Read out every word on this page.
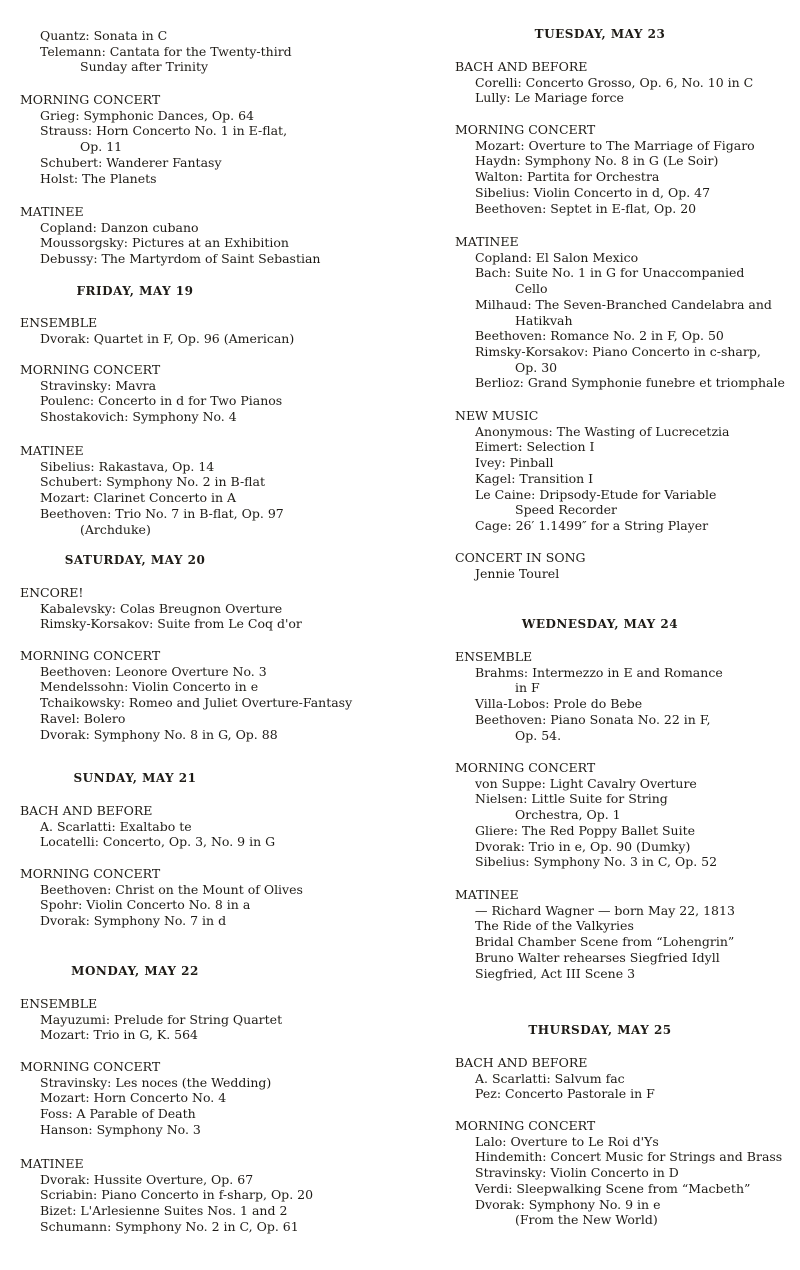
Quantz: Sonata in C
Telemann: Cantata for the Twenty-third
Sunday after Trinity
MORNING CONCERT
Grieg: Symphonic Dances, Op. 64
Strauss: Horn Concerto No. 1 in E-flat,
Op. 11
Schubert: Wanderer Fantasy
Holst: The Planets
MATINEE
Copland: Danzon cubano
Moussorgsky: Pictures at an Exhibition
Debussy: The Martyrdom of Saint Sebastian
FRIDAY, MAY 19
ENSEMBLE
Dvorak: Quartet in F, Op. 96 (American)
MORNING CONCERT
Stravinsky: Mavra
Poulenc: Concerto in d for Two Pianos
Shostakovich: Symphony No. 4
MATINEE
Sibelius: Rakastava, Op. 14
Schubert: Symphony No. 2 in B-flat
Mozart: Clarinet Concerto in A
Beethoven: Trio No. 7 in B-flat, Op. 97
(Archduke)
SATURDAY, MAY 20
ENCORE!
Kabalevsky: Colas Breugnon Overture
Rimsky-Korsakov: Suite from Le Coq d'or
MORNING CONCERT
Beethoven: Leonore Overture No. 3
Mendelssohn: Violin Concerto in e
Tchaikowsky: Romeo and Juliet Overture-Fantasy
Ravel: Bolero
Dvorak: Symphony No. 8 in G, Op. 88
SUNDAY, MAY 21
BACH AND BEFORE
A. Scarlatti: Exaltabo te
Locatelli: Concerto, Op. 3, No. 9 in G
MORNING CONCERT
Beethoven: Christ on the Mount of Olives
Spohr: Violin Concerto No. 8 in a
Dvorak: Symphony No. 7 in d
MONDAY, MAY 22
ENSEMBLE
Mayuzumi: Prelude for String Quartet
Mozart: Trio in G, K. 564
MORNING CONCERT
Stravinsky: Les noces (the Wedding)
Mozart: Horn Concerto No. 4
Foss: A Parable of Death
Hanson: Symphony No. 3
MATINEE
Dvorak: Hussite Overture, Op. 67
Scriabin: Piano Concerto in f-sharp, Op. 20
Bizet: L'Arlesienne Suites Nos. 1 and 2
Schumann: Symphony No. 2 in C, Op. 61
TUESDAY, MAY 23
BACH AND BEFORE
Corelli: Concerto Grosso, Op. 6, No. 10 in C
Lully: Le Mariage force
MORNING CONCERT
Mozart: Overture to The Marriage of Figaro
Haydn: Symphony No. 8 in G (Le Soir)
Walton: Partita for Orchestra
Sibelius: Violin Concerto in d, Op. 47
Beethoven: Septet in E-flat, Op. 20
MATINEE
Copland: El Salon Mexico
Bach: Suite No. 1 in G for Unaccompanied
Cello
Milhaud: The Seven-Branched Candelabra and
Hatikvah
Beethoven: Romance No. 2 in F, Op. 50
Rimsky-Korsakov: Piano Concerto in c-sharp,
Op. 30
Berlioz: Grand Symphonie funebre et triomphale
NEW MUSIC
Anonymous: The Wasting of Lucrecetzia
Eimert: Selection I
Ivey: Pinball
Kagel: Transition I
Le Caine: Dripsody-Etude for Variable
Speed Recorder
Cage: 26′ 1.1499″ for a String Player
CONCERT IN SONG
Jennie Tourel
WEDNESDAY, MAY 24
ENSEMBLE
Brahms: Intermezzo in E and Romance
in F
Villa-Lobos: Prole do Bebe
Beethoven: Piano Sonata No. 22 in F,
Op. 54.
MORNING CONCERT
von Suppe: Light Cavalry Overture
Nielsen: Little Suite for String
Orchestra, Op. 1
Gliere: The Red Poppy Ballet Suite
Dvorak: Trio in e, Op. 90 (Dumky)
Sibelius: Symphony No. 3 in C, Op. 52
MATINEE
— Richard Wagner — born May 22, 1813
The Ride of the Valkyries
Bridal Chamber Scene from “Lohengrin”
Bruno Walter rehearses Siegfried Idyll
Siegfried, Act III Scene 3
THURSDAY, MAY 25
BACH AND BEFORE
A. Scarlatti: Salvum fac
Pez: Concerto Pastorale in F
MORNING CONCERT
Lalo: Overture to Le Roi d'Ys
Hindemith: Concert Music for Strings and Brass
Stravinsky: Violin Concerto in D
Verdi: Sleepwalking Scene from “Macbeth”
Dvorak: Symphony No. 9 in e
(From the New World)
